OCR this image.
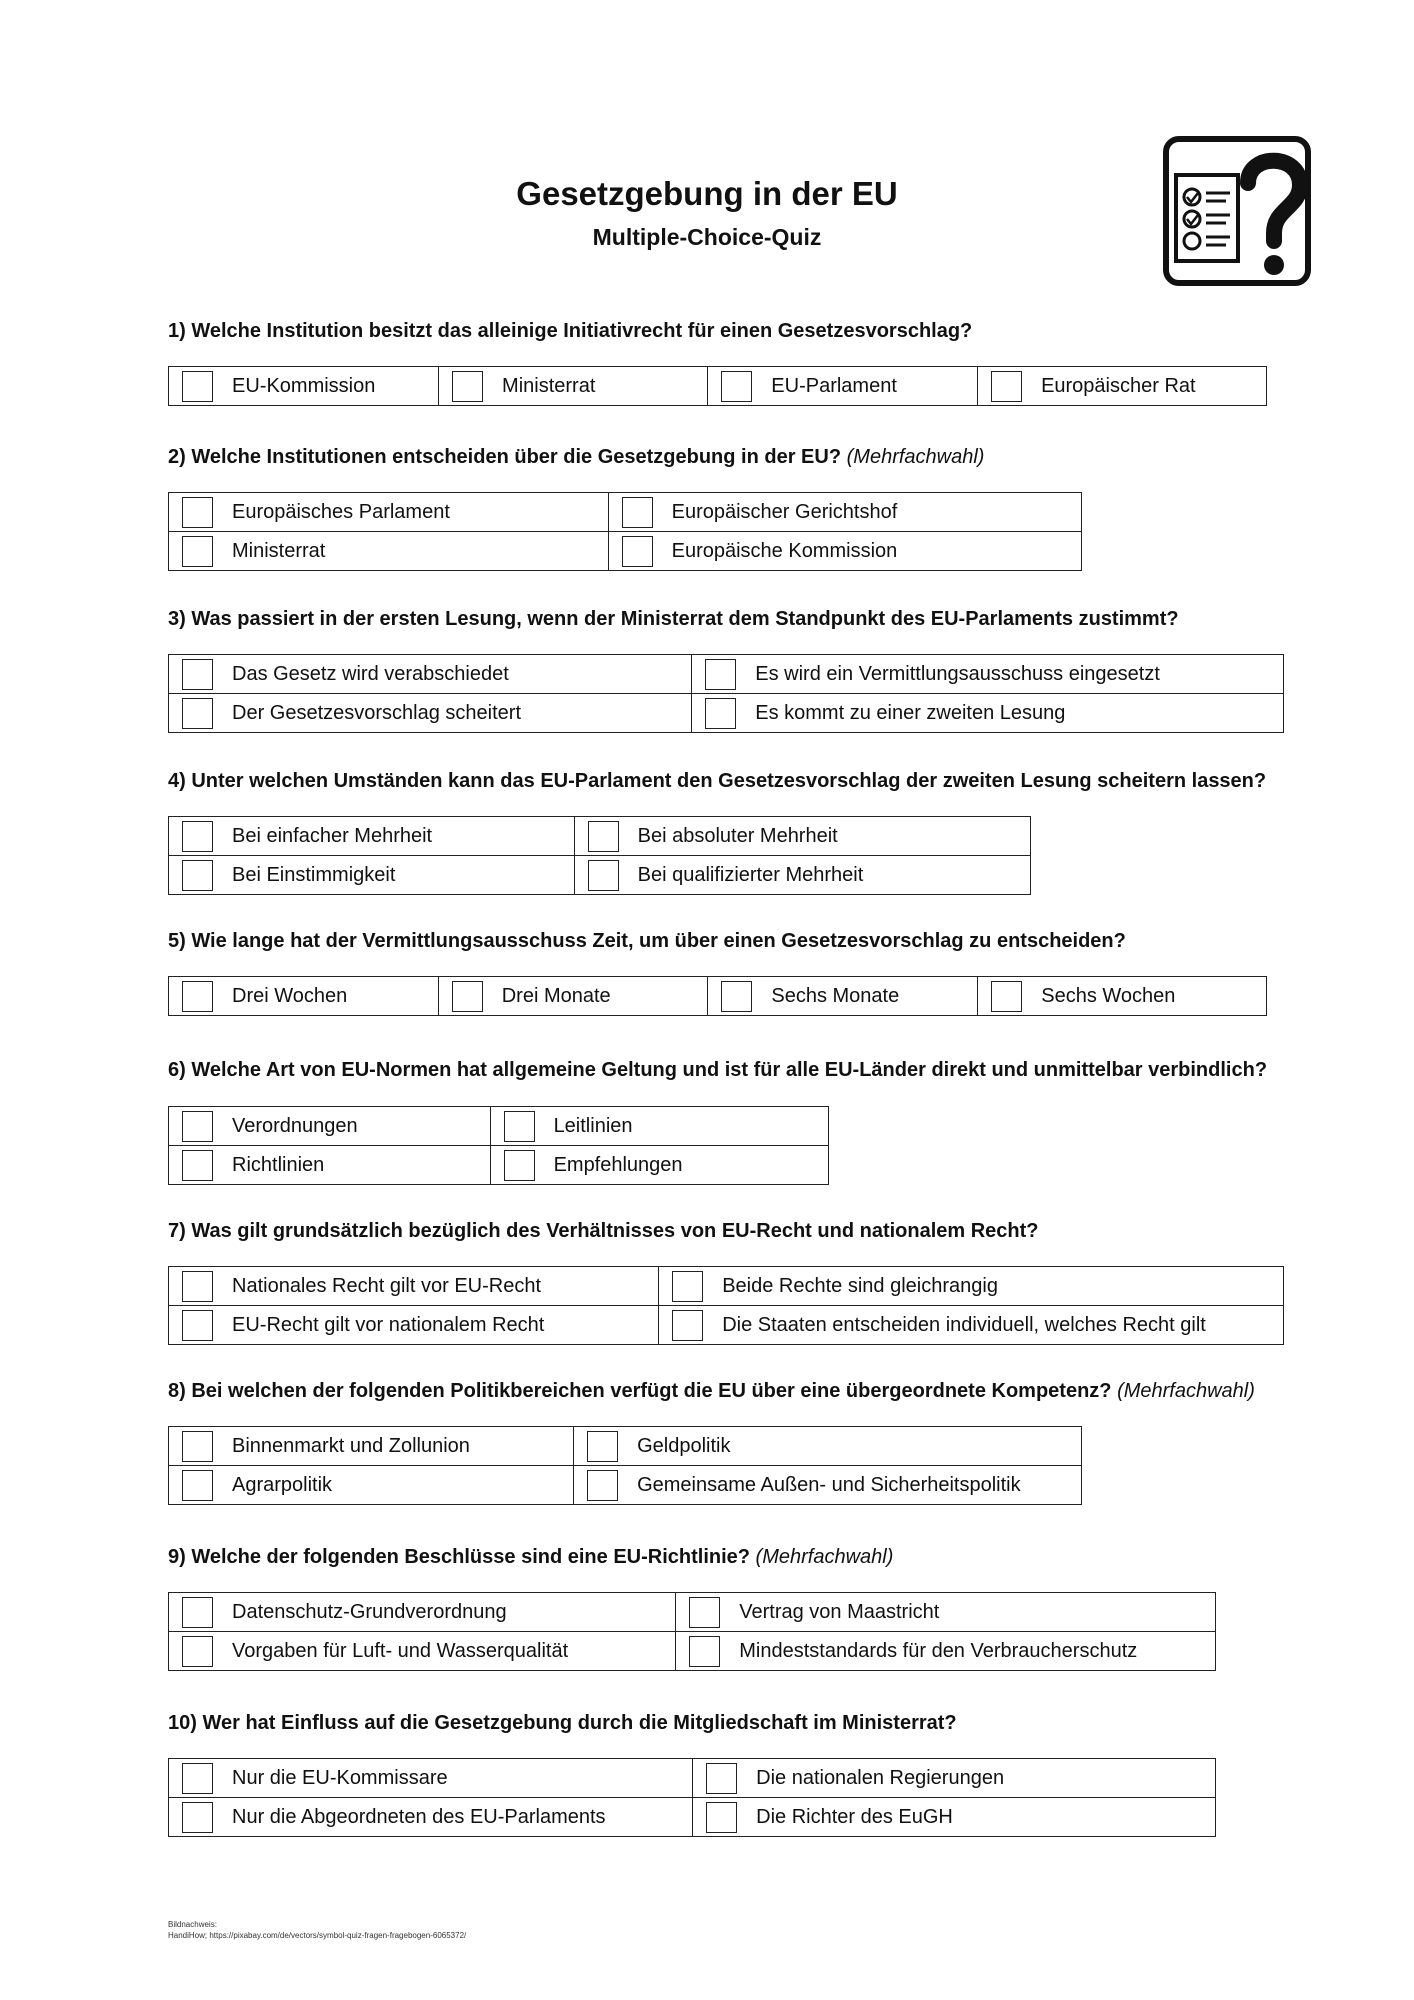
Gesetzgebung in der EU
Multiple-Choice-Quiz
1) Welche Institution besitzt das alleinige Initiativrecht für einen Gesetzesvorschlag?
EU-Kommission	Ministerrat	EU-Parlament	Europäischer Rat
2) Welche Institutionen entscheiden über die Gesetzgebung in der EU? (Mehrfachwahl)
Europäisches Parlament	Europäischer Gerichtshof

Ministerrat	Europäische Kommission
3) Was passiert in der ersten Lesung, wenn der Ministerrat dem Standpunkt des EU-Parlaments zustimmt?
Das Gesetz wird verabschiedet	Es wird ein Vermittlungsausschuss eingesetzt

Der Gesetzesvorschlag scheitert	Es kommt zu einer zweiten Lesung
4) Unter welchen Umständen kann das EU-Parlament den Gesetzesvorschlag der zweiten Lesung scheitern lassen?
Bei einfacher Mehrheit	Bei absoluter Mehrheit

Bei Einstimmigkeit	Bei qualifizierter Mehrheit
5) Wie lange hat der Vermittlungsausschuss Zeit, um über einen Gesetzesvorschlag zu entscheiden?
Drei Wochen	Drei Monate	Sechs Monate	Sechs Wochen
6) Welche Art von EU-Normen hat allgemeine Geltung und ist für alle EU-Länder direkt und unmittelbar verbindlich?
Verordnungen	Leitlinien

Richtlinien	Empfehlungen
7) Was gilt grundsätzlich bezüglich des Verhältnisses von EU-Recht und nationalem Recht?
Nationales Recht gilt vor EU-Recht	Beide Rechte sind gleichrangig

EU-Recht gilt vor nationalem Recht	Die Staaten entscheiden individuell, welches Recht gilt
8) Bei welchen der folgenden Politikbereichen verfügt die EU über eine übergeordnete Kompetenz? (Mehrfachwahl)
Binnenmarkt und Zollunion	Geldpolitik

Agrarpolitik	Gemeinsame Außen- und Sicherheitspolitik
9) Welche der folgenden Beschlüsse sind eine EU-Richtlinie? (Mehrfachwahl)
Datenschutz-Grundverordnung	Vertrag von Maastricht

Vorgaben für Luft- und Wasserqualität	Mindeststandards für den Verbraucherschutz
10) Wer hat Einfluss auf die Gesetzgebung durch die Mitgliedschaft im Ministerrat?
Nur die EU-Kommissare	Die nationalen Regierungen

Nur die Abgeordneten des EU-Parlaments	Die Richter des EuGH
Bildnachweis:
HandiHow; https://pixabay.com/de/vectors/symbol-quiz-fragen-fragebogen-6065372/
